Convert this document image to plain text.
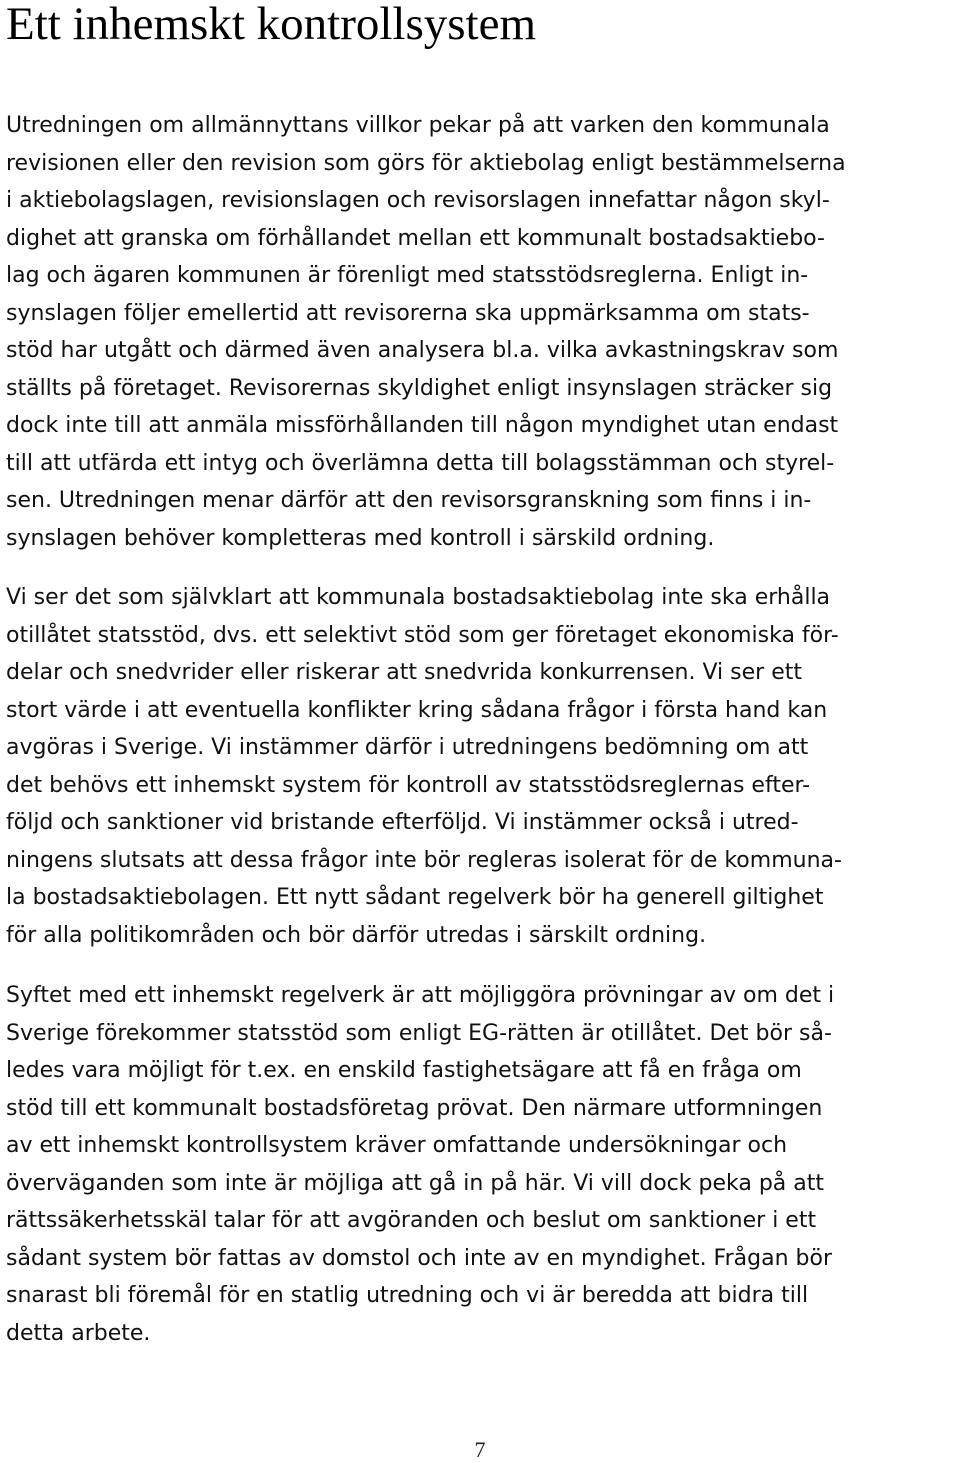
Ett inhemskt kontrollsystem

Utredningen om allmännyttans villkor pekar på att varken den kommunala
revisionen eller den revision som görs för aktiebolag enligt bestämmelserna
i aktiebolagslagen, revisionslagen och revisorslagen innefattar någon skyl-
dighet att granska om förhållandet mellan ett kommunalt bostadsaktiebo-
lag och ägaren kommunen är förenligt med statsstödsreglerna. Enligt in-
synslagen följer emellertid att revisorerna ska uppmärksamma om stats-
stöd har utgått och därmed även analysera bl.a. vilka avkastningskrav som
ställts på företaget. Revisorernas skyldighet enligt insynslagen sträcker sig
dock inte till att anmäla missförhållanden till någon myndighet utan endast
till att utfärda ett intyg och överlämna detta till bolagsstämman och styrel-
sen. Utredningen menar därför att den revisorsgranskning som finns i in-
synslagen behöver kompletteras med kontroll i särskild ordning.

Vi ser det som självklart att kommunala bostadsaktiebolag inte ska erhålla
otillåtet statsstöd, dvs. ett selektivt stöd som ger företaget ekonomiska för-
delar och snedvrider eller riskerar att snedvrida konkurrensen. Vi ser ett
stort värde i att eventuella konflikter kring sådana frågor i första hand kan
avgöras i Sverige. Vi instämmer därför i utredningens bedömning om att
det behövs ett inhemskt system för kontroll av statsstödsreglernas efter-
följd och sanktioner vid bristande efterföljd. Vi instämmer också i utred-
ningens slutsats att dessa frågor inte bör regleras isolerat för de kommuna-
la bostadsaktiebolagen. Ett nytt sådant regelverk bör ha generell giltighet
för alla politikområden och bör därför utredas i särskilt ordning.

Syftet med ett inhemskt regelverk är att möjliggöra prövningar av om det i
Sverige förekommer statsstöd som enligt EG-rätten är otillåtet. Det bör så-
ledes vara möjligt för t.ex. en enskild fastighetsägare att få en fråga om
stöd till ett kommunalt bostadsföretag prövat. Den närmare utformningen
av ett inhemskt kontrollsystem kräver omfattande undersökningar och
överväganden som inte är möjliga att gå in på här. Vi vill dock peka på att
rättssäkerhetsskäl talar för att avgöranden och beslut om sanktioner i ett
sådant system bör fattas av domstol och inte av en myndighet. Frågan bör
snarast bli föremål för en statlig utredning och vi är beredda att bidra till
detta arbete.

7
